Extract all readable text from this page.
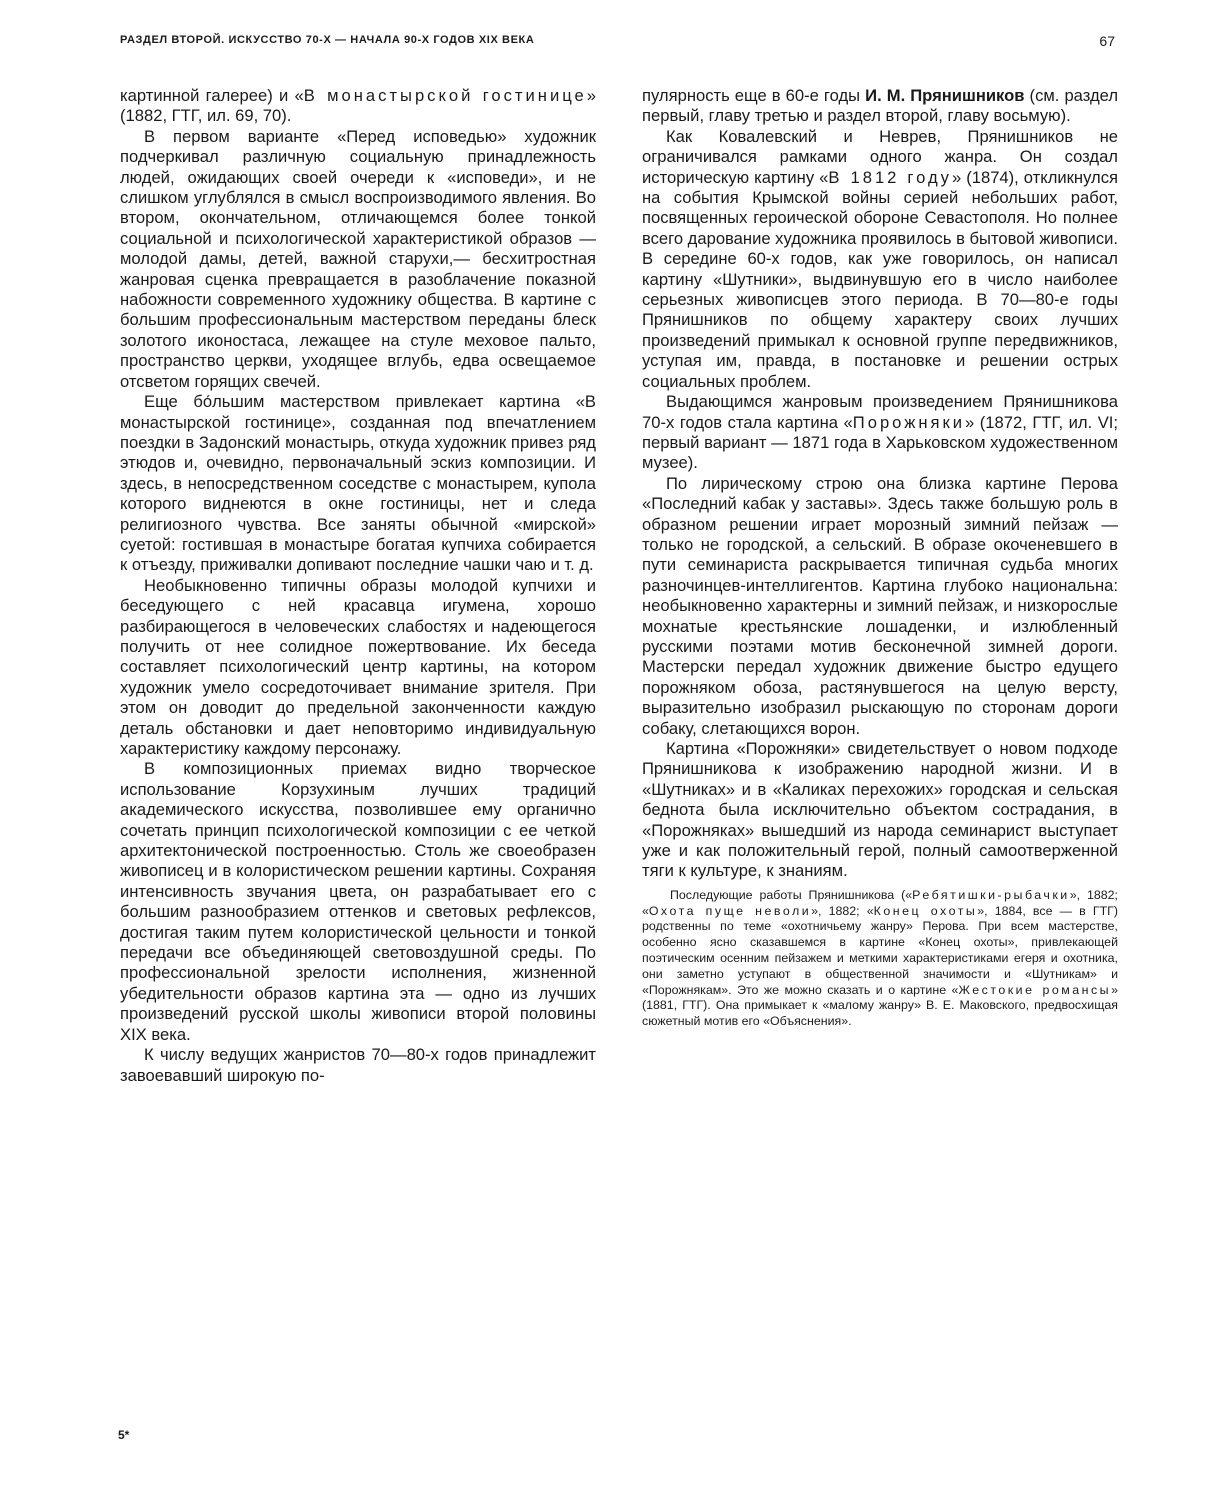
РАЗДЕЛ ВТОРОЙ. ИСКУССТВО 70-Х — НАЧАЛА 90-Х ГОДОВ XIX ВЕКА	67

картинной галерее) и «В монастырской гостинице» (1882, ГТГ, ил. 69, 70).

В первом варианте «Перед исповедью» художник подчеркивал различную социальную принадлежность людей, ожидающих своей очереди к «исповеди», и не слишком углублялся в смысл воспроизводимого явления. Во втором, окончательном, отличающемся более тонкой социальной и психологической характеристикой образов — молодой дамы, детей, важной старухи,— бесхитростная жанровая сценка превращается в разоблачение показной набожности современного художнику общества. В картине с большим профессиональным мастерством переданы блеск золотого иконостаса, лежащее на стуле меховое пальто, пространство церкви, уходящее вглубь, едва освещаемое отсветом горящих свечей.

Еще бо́льшим мастерством привлекает картина «В монастырской гостинице», созданная под впечатлением поездки в Задонский монастырь, откуда художник привез ряд этюдов и, очевидно, первоначальный эскиз композиции. И здесь, в непосредственном соседстве с монастырем, купола которого виднеются в окне гостиницы, нет и следа религиозного чувства. Все заняты обычной «мирской» суетой: гостившая в монастыре богатая купчиха собирается к отъезду, приживалки допивают последние чашки чаю и т. д.

Необыкновенно типичны образы молодой купчихи и беседующего с ней красавца игумена, хорошо разбирающегося в человеческих слабостях и надеющегося получить от нее солидное пожертвование. Их беседа составляет психологический центр картины, на котором художник умело сосредоточивает внимание зрителя. При этом он доводит до предельной законченности каждую деталь обстановки и дает неповторимо индивидуальную характеристику каждому персонажу.

В композиционных приемах видно творческое использование Корзухиным лучших традиций академического искусства, позволившее ему органично сочетать принцип психологической композиции с ее четкой архитектонической построенностью. Столь же своеобразен живописец и в колористическом решении картины. Сохраняя интенсивность звучания цвета, он разрабатывает его с большим разнообразием оттенков и световых рефлексов, достигая таким путем колористической цельности и тонкой передачи все объединяющей световоздушной среды. По профессиональной зрелости исполнения, жизненной убедительности образов картина эта — одно из лучших произведений русской школы живописи второй половины XIX века.

К числу ведущих жанристов 70—80-х годов принадлежит завоевавший широкую по-

пулярность еще в 60-е годы И. М. Прянишников (см. раздел первый, главу третью и раздел второй, главу восьмую).

Как Ковалевский и Неврев, Прянишников не ограничивался рамками одного жанра. Он создал историческую картину «В 1812 году» (1874), откликнулся на события Крымской войны серией небольших работ, посвященных героической обороне Севастополя. Но полнее всего дарование художника проявилось в бытовой живописи. В середине 60-х годов, как уже говорилось, он написал картину «Шутники», выдвинувшую его в число наиболее серьезных живописцев этого периода. В 70—80-е годы Прянишников по общему характеру своих лучших произведений примыкал к основной группе передвижников, уступая им, правда, в постановке и решении острых социальных проблем.

Выдающимся жанровым произведением Прянишникова 70-х годов стала картина «Порожняки» (1872, ГТГ, ил. VI; первый вариант — 1871 года в Харьковском художественном музее).

По лирическому строю она близка картине Перова «Последний кабак у заставы». Здесь также большую роль в образном решении играет морозный зимний пейзаж — только не городской, а сельский. В образе окоченевшего в пути семинариста раскрывается типичная судьба многих разночинцев-интеллигентов. Картина глубоко национальна: необыкновенно характерны и зимний пейзаж, и низкорослые мохнатые крестьянские лошаденки, и излюбленный русскими поэтами мотив бесконечной зимней дороги. Мастерски передал художник движение быстро едущего порожняком обоза, растянувшегося на целую версту, выразительно изобразил рыскающую по сторонам дороги собаку, слетающихся ворон.

Картина «Порожняки» свидетельствует о новом подходе Прянишникова к изображению народной жизни. И в «Шутниках» и в «Каликах перехожих» городская и сельская беднота была исключительно объектом сострадания, в «Порожняках» вышедший из народа семинарист выступает уже и как положительный герой, полный самоотверженной тяги к культуре, к знаниям.

Последующие работы Прянишникова («Ребятишки-рыбачки», 1882; «Охота пуще неволи», 1882; «Конец охоты», 1884, все — в ГТГ) родственны по теме «охотничьему жанру» Перова. При всем мастерстве, особенно ясно сказавшемся в картине «Конец охоты», привлекающей поэтическим осенним пейзажем и меткими характеристиками егеря и охотника, они заметно уступают в общественной значимости и «Шутникам» и «Порожнякам». Это же можно сказать и о картине «Жестокие романсы» (1881, ГТГ). Она примыкает к «малому жанру» В. Е. Маковского, предвосхищая сюжетный мотив его «Объяснения».

5*
